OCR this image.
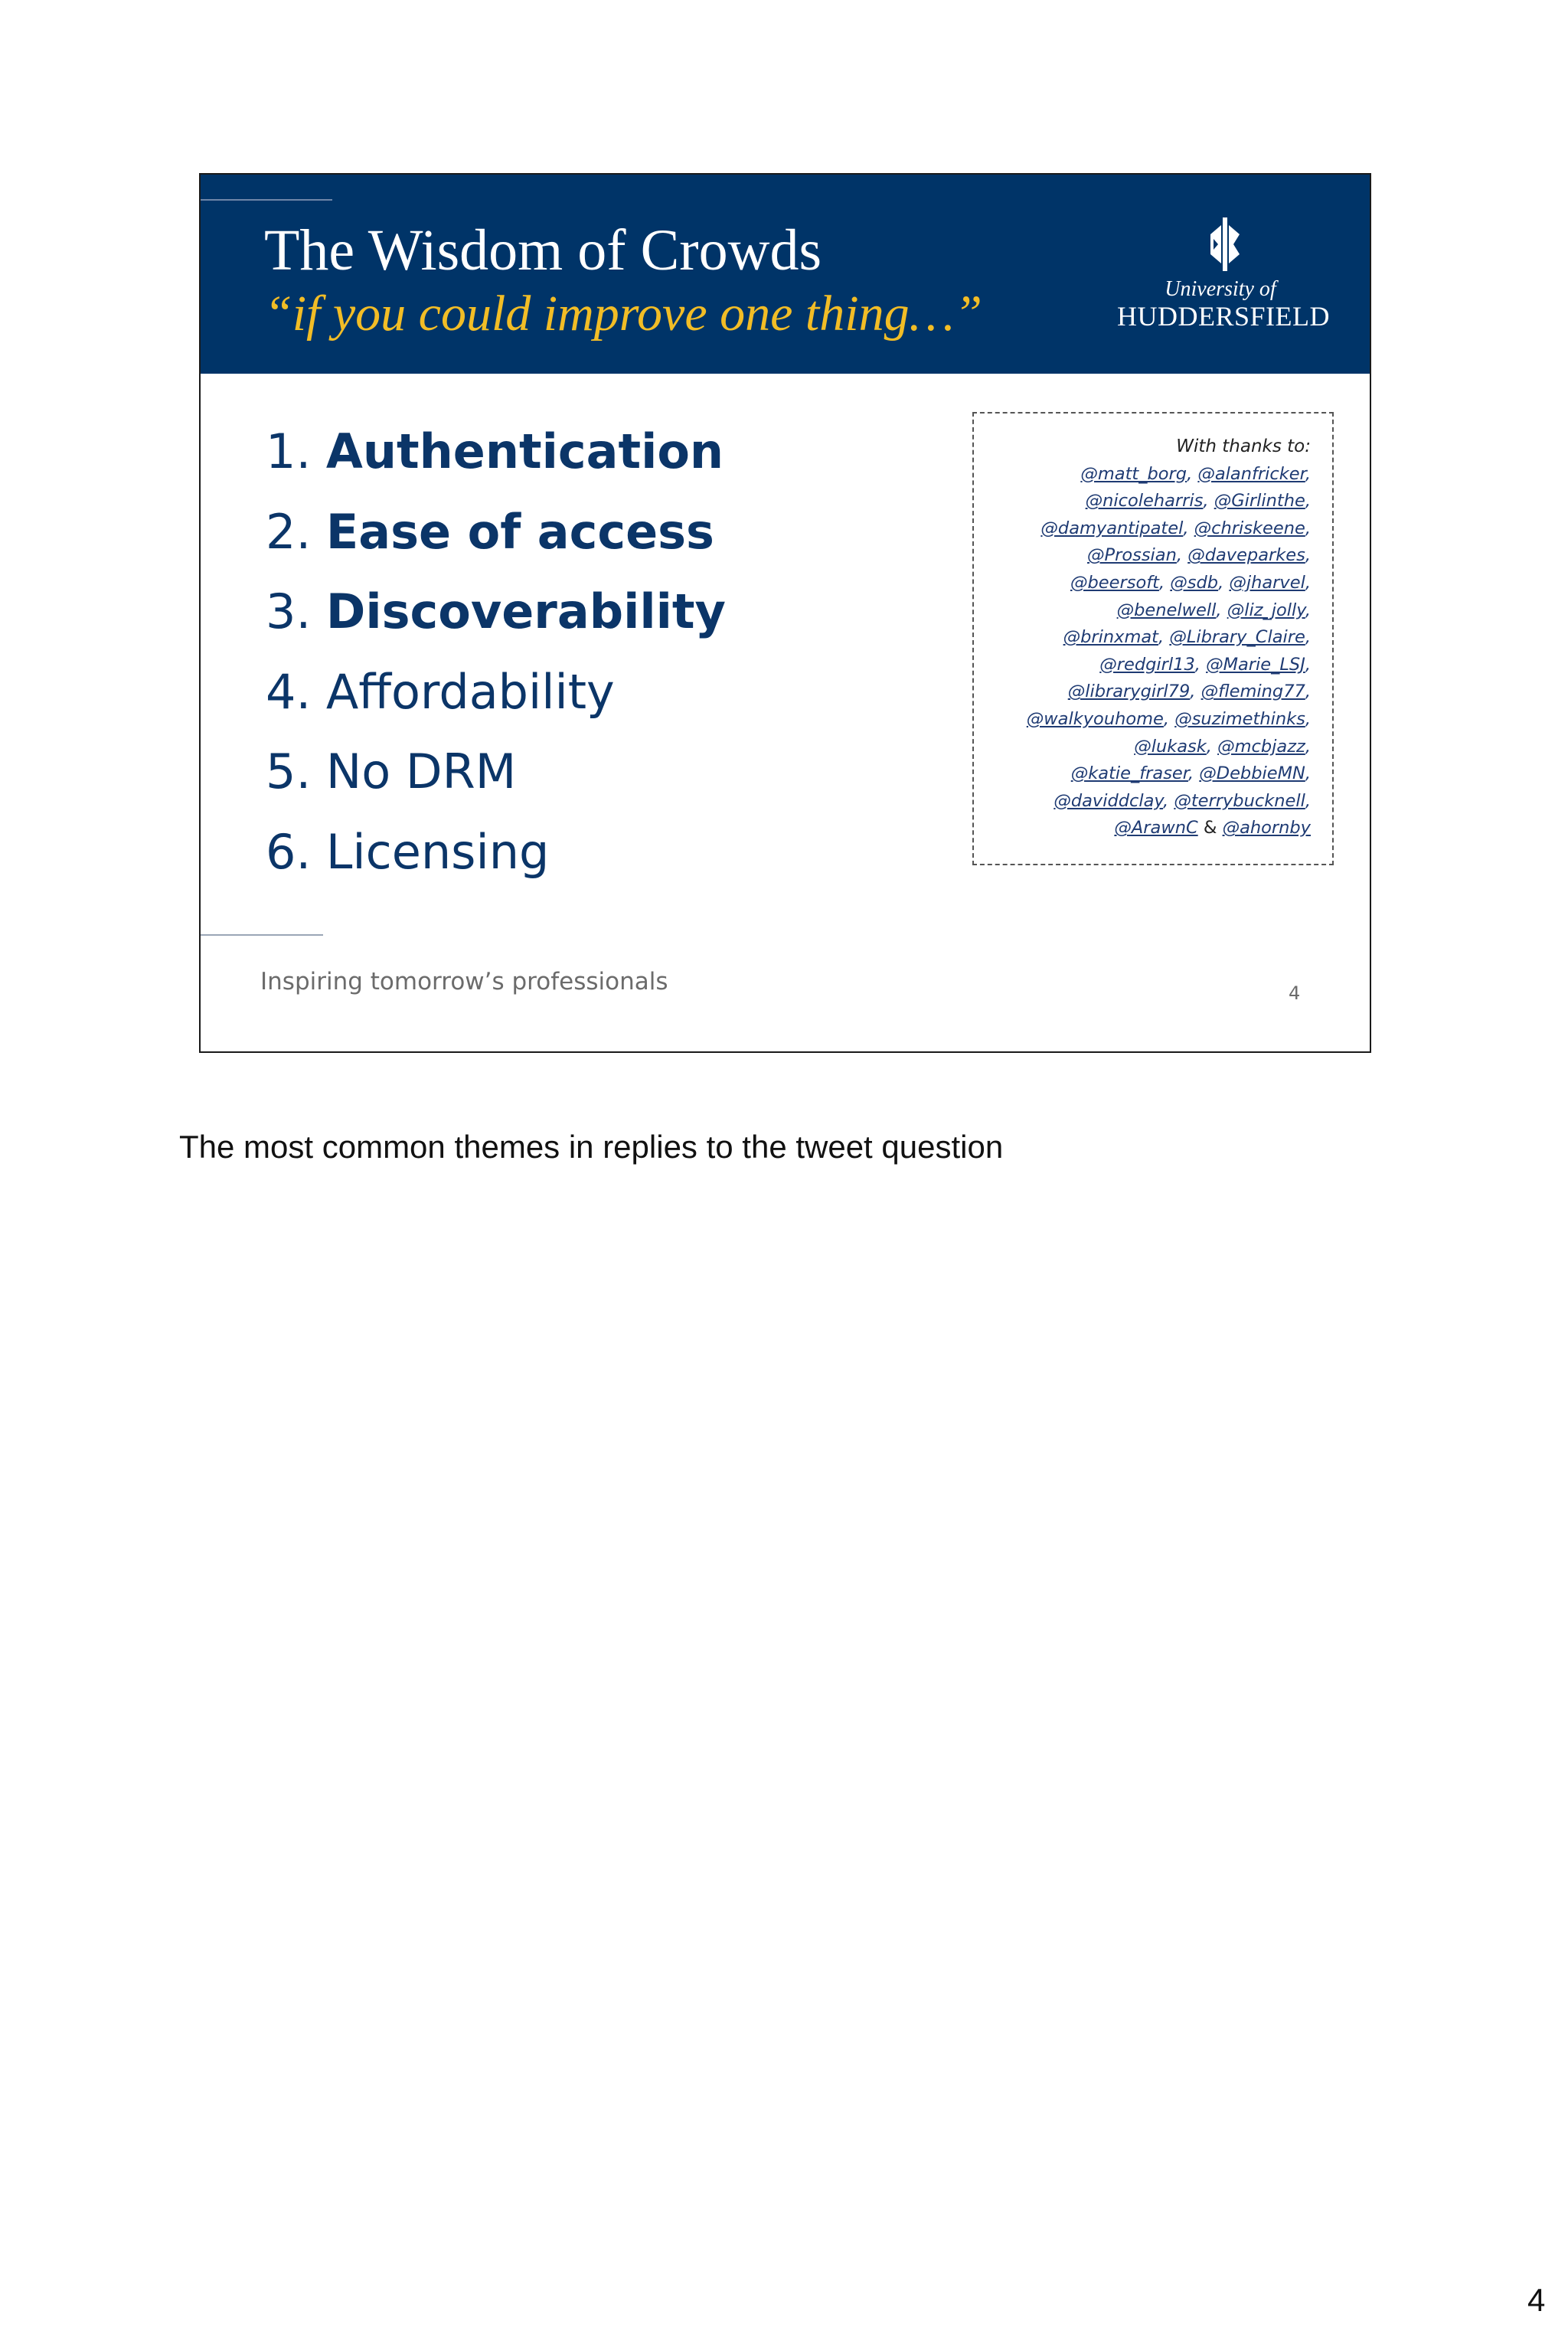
The Wisdom of Crowds
“if you could improve one thing…”	University of
HUDDERSFIELD
1. Authentication
2. Ease of access
3. Discoverability
4. Affordability
5. No DRM
6. Licensing
With thanks to:
@matt_borg, @alanfricker,
@nicoleharris, @Girlinthe,
@damyantipatel, @chriskeene,
@Prossian, @daveparkes,
@beersoft, @sdb, @jharvel,
@benelwell, @liz_jolly,
@brinxmat, @Library_Claire,
@redgirl13, @Marie_LSJ,
@librarygirl79, @fleming77,
@walkyouhome, @suzimethinks,
@lukask, @mcbjazz,
@katie_fraser, @DebbieMN,
@daviddclay, @terrybucknell,
@ArawnC & @ahornby
Inspiring tomorrow’s professionals	4
The most common themes in replies to the tweet question
4
